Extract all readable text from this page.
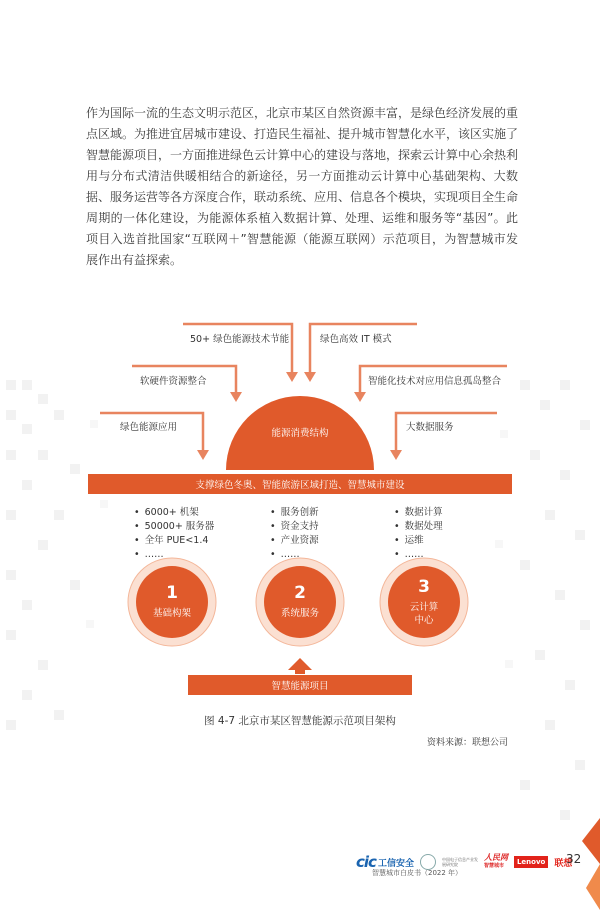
作为国际一流的生态文明示范区，北京市某区自然资源丰富，是绿色经济发展的重点区域。为推进宜居城市建设、打造民生福祉、提升城市智慧化水平，该区实施了智慧能源项目，一方面推进绿色云计算中心的建设与落地，探索云计算中心余热利用与分布式清洁供暖相结合的新途径，另一方面推动云计算中心基础架构、大数据、服务运营等各方深度合作，联动系统、应用、信息各个模块，实现项目全生命周期的一体化建设，为能源体系植入数据计算、处理、运维和服务等“基因”。此项目入选首批国家“互联网＋”智慧能源（能源互联网）示范项目，为智慧城市发展作出有益探索。

50+ 绿色能源技术节能	绿色高效 IT 模式
软硬件资源整合	智能化技术对应用信息孤岛整合
绿色能源应用	大数据服务
能源消费结构
支撑绿色冬奥、智能旅游区域打造、智慧城市建设
1
基础构架
2
系统服务
3
云计算
中心
智慧能源项目
• 6000+ 机架
• 50000+ 服务器
• 全年 PUE<1.4
• ……
• 服务创新
• 资金支持
• 产业资源
• ……
• 数据计算
• 数据处理
• 运维
• ……
图 4-7 北京市某区智慧能源示范项目架构
资料来源：联想公司
cic 工信安全	中国电子信息产业发展研究院
人民网
智慧城市	Lenovo	联想
32
智慧城市白皮书（2022 年）
